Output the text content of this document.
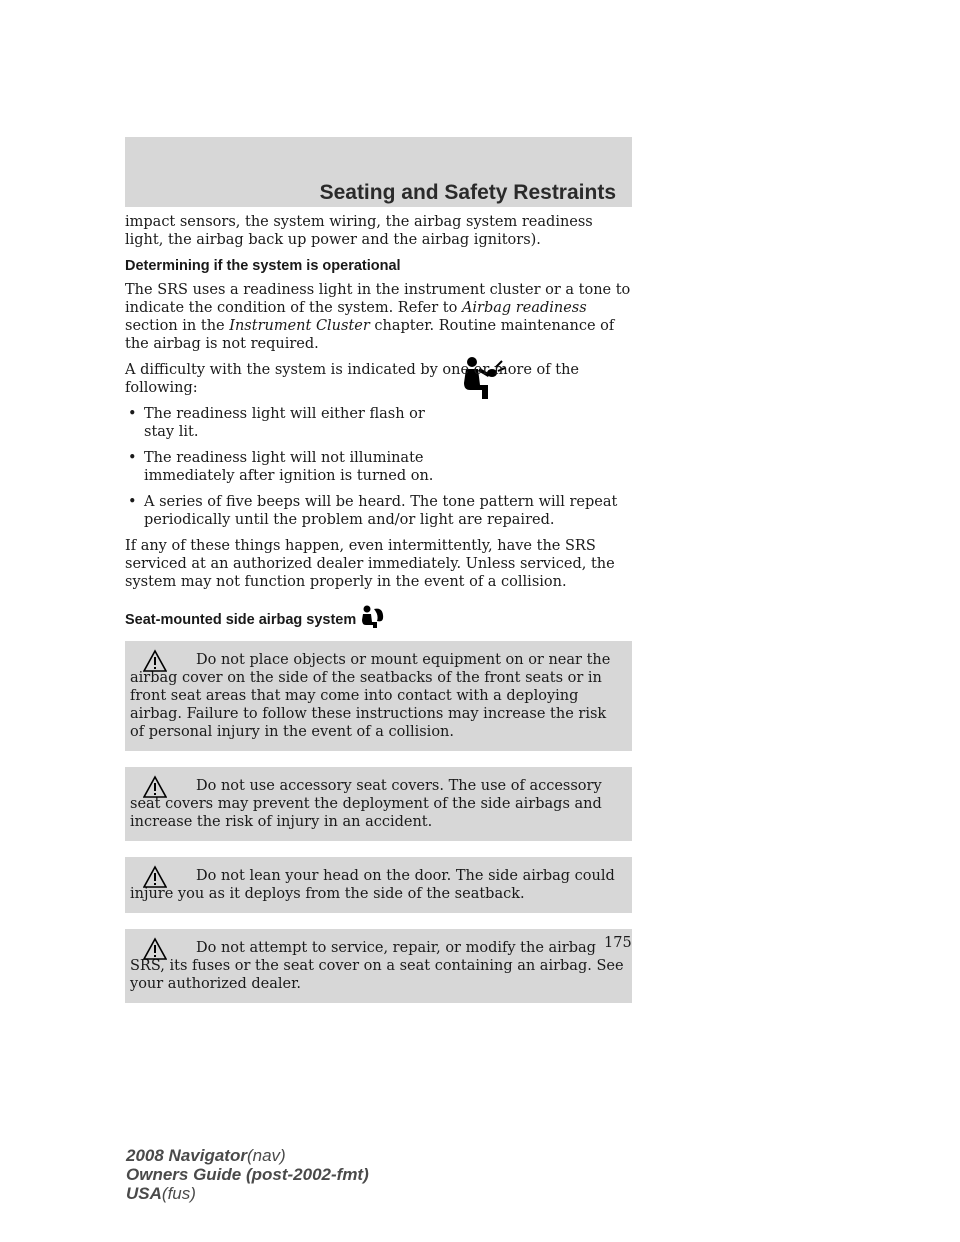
Seating and Safety Restraints

impact sensors, the system wiring, the airbag system readiness light, the airbag back up power and the airbag ignitors).

Determining if the system is operational

The SRS uses a readiness light in the instrument cluster or a tone to indicate the condition of the system. Refer to Airbag readiness section in the Instrument Cluster chapter. Routine maintenance of the airbag is not required.

A difficulty with the system is indicated by one or more of the following:

• The readiness light will either flash or stay lit.
• The readiness light will not illuminate immediately after ignition is turned on.
• A series of five beeps will be heard. The tone pattern will repeat periodically until the problem and/or light are repaired.

If any of these things happen, even intermittently, have the SRS serviced at an authorized dealer immediately. Unless serviced, the system may not function properly in the event of a collision.

Seat-mounted side airbag system
Do not place objects or mount equipment on or near the airbag cover on the side of the seatbacks of the front seats or in front seat areas that may come into contact with a deploying airbag. Failure to follow these instructions may increase the risk of personal injury in the event of a collision.
Do not use accessory seat covers. The use of accessory seat covers may prevent the deployment of the side airbags and increase the risk of injury in an accident.
Do not lean your head on the door. The side airbag could injure you as it deploys from the side of the seatback.
Do not attempt to service, repair, or modify the airbag SRS, its fuses or the seat cover on a seat containing an airbag. See your authorized dealer.
175
2008 Navigator(nav)
Owners Guide (post-2002-fmt)
USA(fus)
